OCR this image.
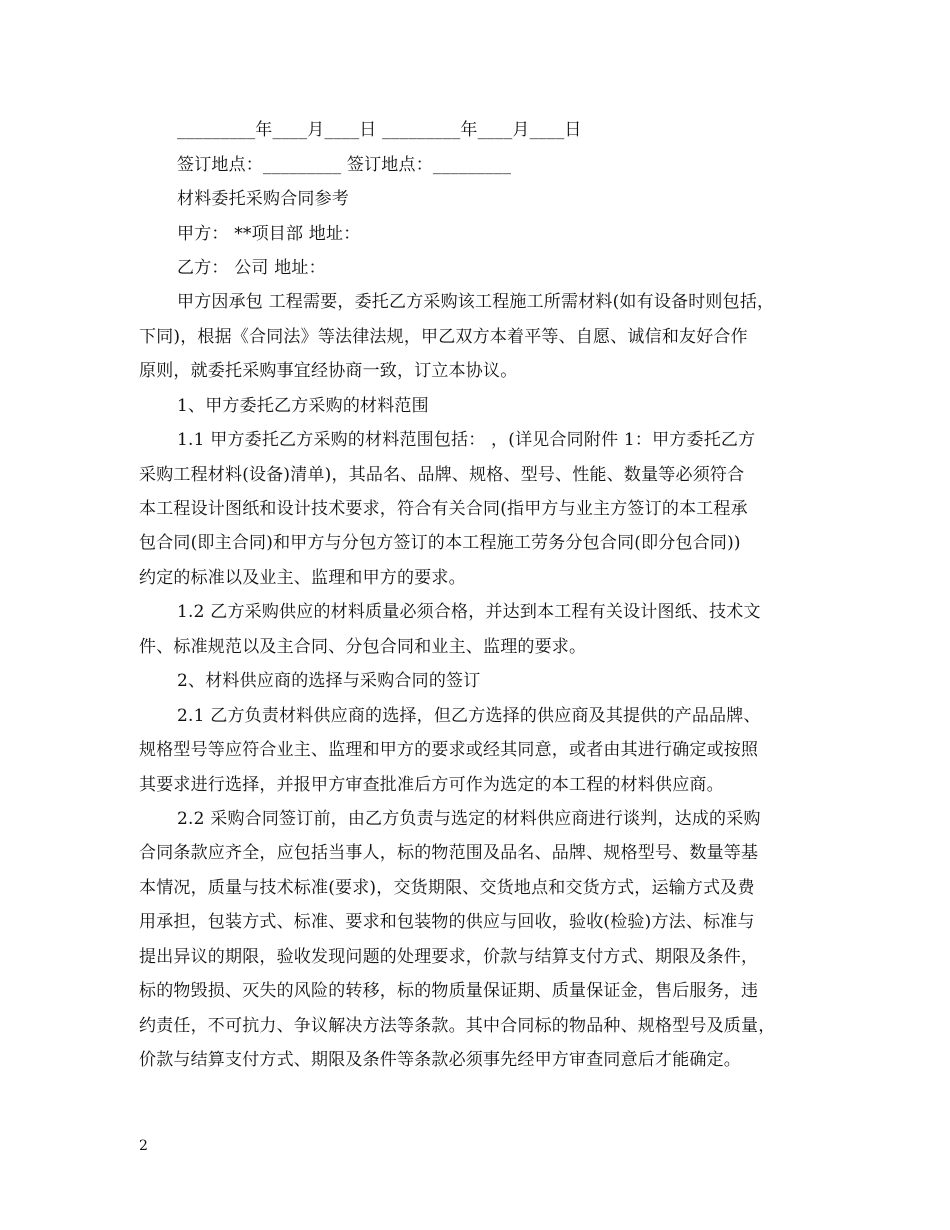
_________年____月____日 _________年____月____日
签订地点：_________ 签订地点：_________
材料委托采购合同参考
甲方： **项目部 地址：
乙方： 公司 地址：
甲方因承包 工程需要，委托乙方采购该工程施工所需材料(如有设备时则包括，
下同)，根据《合同法》等法律法规，甲乙双方本着平等、自愿、诚信和友好合作
原则，就委托采购事宜经协商一致，订立本协议。
1、甲方委托乙方采购的材料范围
1.1 甲方委托乙方采购的材料范围包括： ，(详见合同附件 1：甲方委托乙方
采购工程材料(设备)清单)，其品名、品牌、规格、型号、性能、数量等必须符合
本工程设计图纸和设计技术要求，符合有关合同(指甲方与业主方签订的本工程承
包合同(即主合同)和甲方与分包方签订的本工程施工劳务分包合同(即分包合同))
约定的标准以及业主、监理和甲方的要求。
1.2 乙方采购供应的材料质量必须合格，并达到本工程有关设计图纸、技术文
件、标准规范以及主合同、分包合同和业主、监理的要求。
2、材料供应商的选择与采购合同的签订
2.1 乙方负责材料供应商的选择，但乙方选择的供应商及其提供的产品品牌、
规格型号等应符合业主、监理和甲方的要求或经其同意，或者由其进行确定或按照
其要求进行选择，并报甲方审查批准后方可作为选定的本工程的材料供应商。
2.2 采购合同签订前，由乙方负责与选定的材料供应商进行谈判，达成的采购
合同条款应齐全，应包括当事人，标的物范围及品名、品牌、规格型号、数量等基
本情况，质量与技术标准(要求)，交货期限、交货地点和交货方式，运输方式及费
用承担，包装方式、标准、要求和包装物的供应与回收，验收(检验)方法、标准与
提出异议的期限，验收发现问题的处理要求，价款与结算支付方式、期限及条件，
标的物毁损、灭失的风险的转移，标的物质量保证期、质量保证金，售后服务，违
约责任，不可抗力、争议解决方法等条款。其中合同标的物品种、规格型号及质量，
价款与结算支付方式、期限及条件等条款必须事先经甲方审查同意后才能确定。
2
